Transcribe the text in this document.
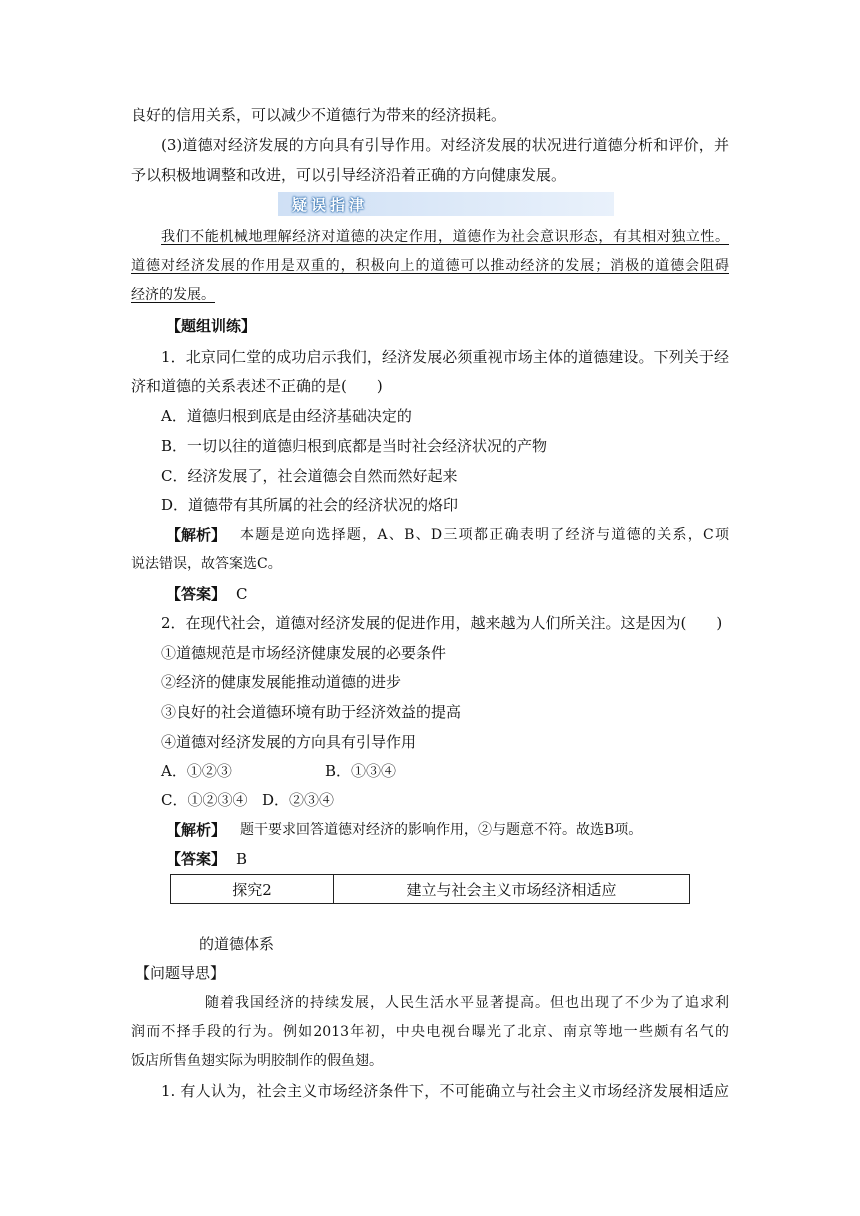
良好的信用关系，可以减少不道德行为带来的经济损耗。
(3)道德对经济发展的方向具有引导作用。对经济发展的状况进行道德分析和评价，并
予以积极地调整和改进，可以引导经济沿着正确的方向健康发展。
疑误指津
我们不能机械地理解经济对道德的决定作用，道德作为社会意识形态，有其相对独立性。
道德对经济发展的作用是双重的，积极向上的道德可以推动经济的发展；消极的道德会阻碍
经济的发展。
【题组训练】
1．北京同仁堂的成功启示我们，经济发展必须重视市场主体的道德建设。下列关于经
济和道德的关系表述不正确的是(　　)
A．道德归根到底是由经济基础决定的
B．一切以往的道德归根到底都是当时社会经济状况的产物
C．经济发展了，社会道德会自然而然好起来
D．道德带有其所属的社会的经济状况的烙印
【解析】 本题是逆向选择题，A、B、D三项都正确表明了经济与道德的关系，C项
说法错误，故答案选C。
【答案】 C
2．在现代社会，道德对经济发展的促进作用，越来越为人们所关注。这是因为(　　)
①道德规范是市场经济健康发展的必要条件
②经济的健康发展能推动道德的进步
③良好的社会道德环境有助于经济效益的提高
④道德对经济发展的方向具有引导作用
A．①②③	B．①③④
C．①②③④ D．②③④
【解析】 题干要求回答道德对经济的影响作用，②与题意不符。故选B项。
【答案】 B
探究2	建立与社会主义市场经济相适应
的道德体系
【问题导思】
随着我国经济的持续发展，人民生活水平显著提高。但也出现了不少为了追求利
润而不择手段的行为。例如2013年初，中央电视台曝光了北京、南京等地一些颇有名气的
饭店所售鱼翅实际为明胶制作的假鱼翅。
1. 有人认为，社会主义市场经济条件下，不可能确立与社会主义市场经济发展相适应
